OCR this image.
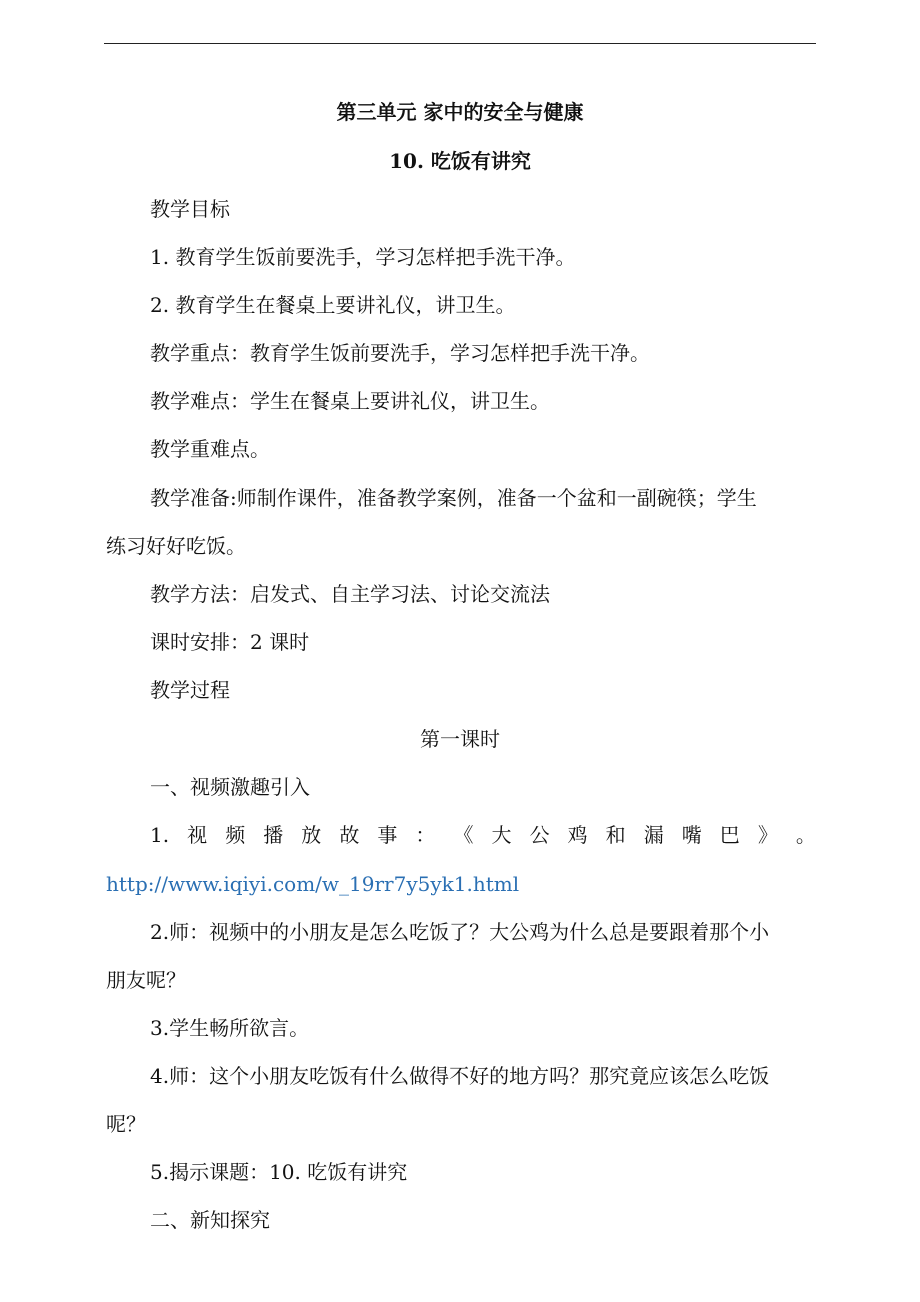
第三单元 家中的安全与健康
10. 吃饭有讲究
教学目标
1. 教育学生饭前要洗手，学习怎样把手洗干净。
2. 教育学生在餐桌上要讲礼仪，讲卫生。
教学重点：教育学生饭前要洗手，学习怎样把手洗干净。
教学难点：学生在餐桌上要讲礼仪，讲卫生。
教学重难点。
教学准备:师制作课件，准备教学案例，准备一个盆和一副碗筷；学生
练习好好吃饭。
教学方法：启发式、自主学习法、讨论交流法
课时安排：2 课时
教学过程
第一课时
一、视频激趣引入
1. 视 频 播 放 故 事 ： 《 大 公 鸡 和 漏 嘴 巴 》 。
http://www.iqiyi.com/w_19rr7y5yk1.html
2.师：视频中的小朋友是怎么吃饭了？大公鸡为什么总是要跟着那个小
朋友呢？
3.学生畅所欲言。
4.师：这个小朋友吃饭有什么做得不好的地方吗？那究竟应该怎么吃饭
呢？
5.揭示课题：10. 吃饭有讲究
二、新知探究
